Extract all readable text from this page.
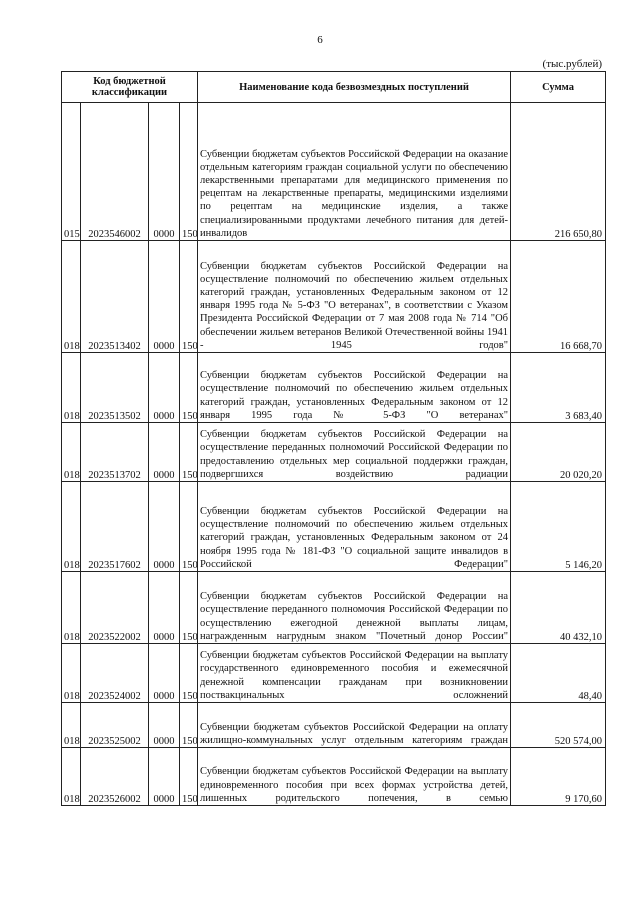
6
(тыс.рублей)
Код бюджетной классификации				Наименование кода безвозмездных поступлений	Сумма
015	2023546002	0000	150	Субвенции бюджетам субъектов Российской Федерации на оказание отдельным категориям граждан социальной услуги по обеспечению лекарственными препаратами для медицинского применения по рецептам на лекарственные препараты, медицинскими изделиями по рецептам на медицинские изделия, а также специализированными продуктами лечебного питания для детей-инвалидов	216 650,80
018	2023513402	0000	150	Субвенции бюджетам субъектов Российской Федерации на осуществление полномочий по обеспечению жильем отдельных категорий граждан, установленных Федеральным законом от 12 января 1995 года № 5-ФЗ "О ветеранах", в соответствии с Указом Президента Российской Федерации от 7 мая 2008 года № 714 "Об обеспечении жильем ветеранов Великой Отечественной войны 1941 - 1945 годов"	16 668,70
018	2023513502	0000	150	Субвенции бюджетам субъектов Российской Федерации на осуществление полномочий по обеспечению жильем отдельных категорий граждан, установленных Федеральным законом от 12 января 1995 года № 5-ФЗ "О ветеранах"	3 683,40
018	2023513702	0000	150	Субвенции бюджетам субъектов Российской Федерации на осуществление переданных полномочий Российской Федерации по предоставлению отдельных мер социальной поддержки граждан, подвергшихся воздействию радиации	20 020,20
018	2023517602	0000	150	Субвенции бюджетам субъектов Российской Федерации на осуществление полномочий по обеспечению жильем отдельных категорий граждан, установленных Федеральным законом от 24 ноября 1995 года № 181-ФЗ "О социальной защите инвалидов в Российской Федерации"	5 146,20
018	2023522002	0000	150	Субвенции бюджетам субъектов Российской Федерации на осуществление переданного полномочия Российской Федерации по осуществлению ежегодной денежной выплаты лицам, награжденным нагрудным знаком "Почетный донор России"	40 432,10
018	2023524002	0000	150	Субвенции бюджетам субъектов Российской Федерации на выплату государственного единовременного пособия и ежемесячной денежной компенсации гражданам при возникновении поствакцинальных осложнений	48,40
018	2023525002	0000	150	Субвенции бюджетам субъектов Российской Федерации на оплату жилищно-коммунальных услуг отдельным категориям граждан	520 574,00
018	2023526002	0000	150	Субвенции бюджетам субъектов Российской Федерации на выплату единовременного пособия при всех формах устройства детей, лишенных родительского попечения, в семью	9 170,60
